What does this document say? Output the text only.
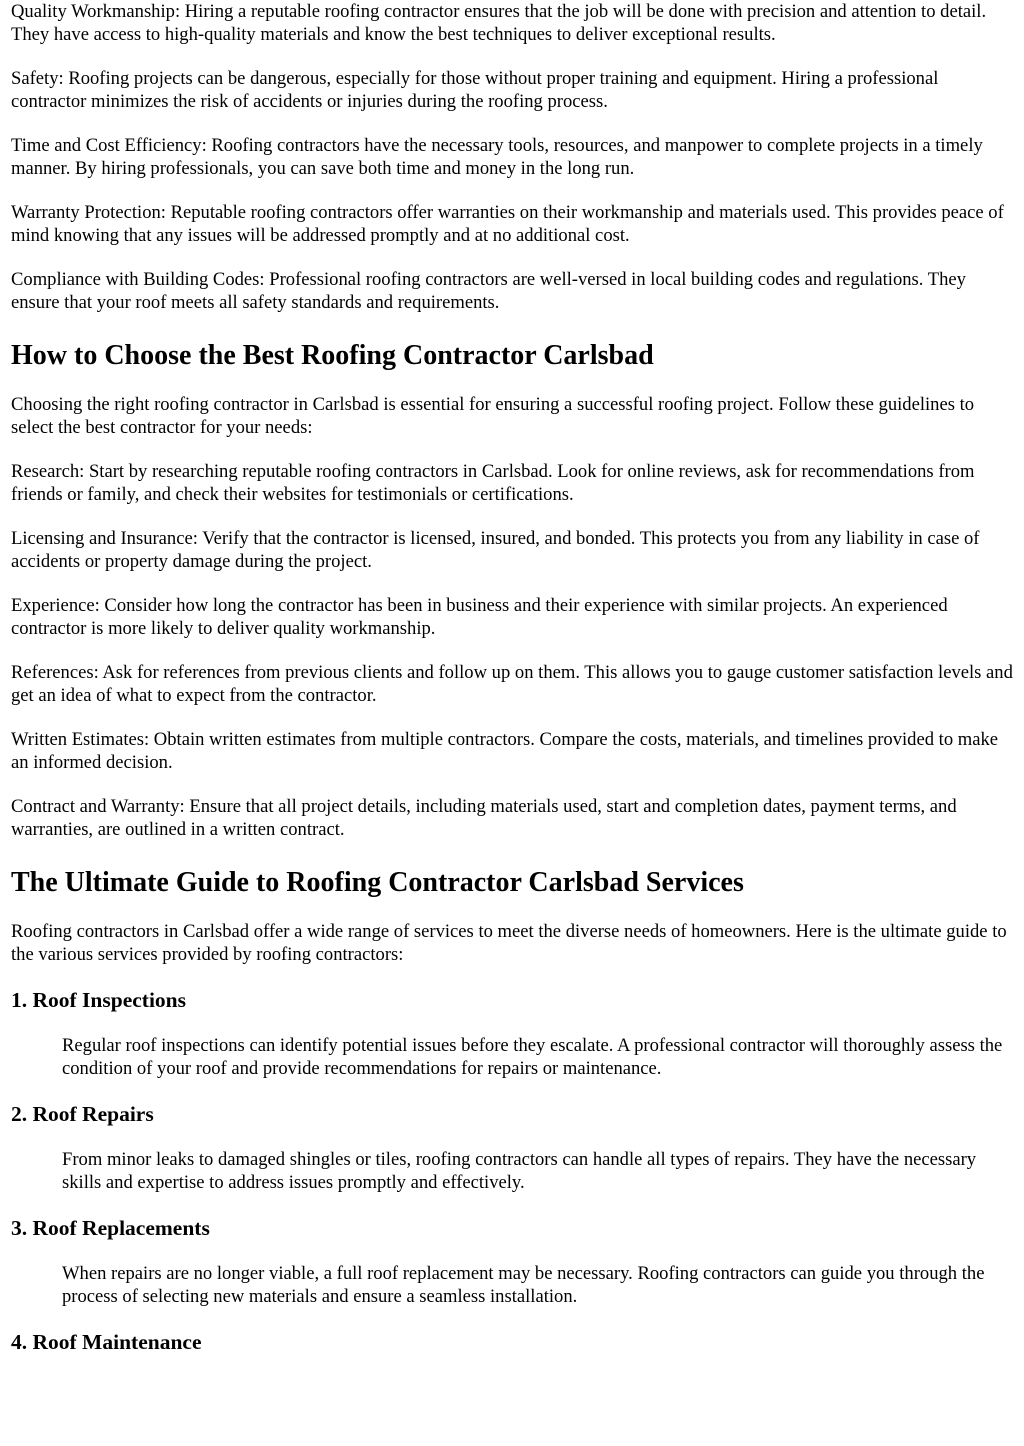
Quality Workmanship: Hiring a reputable roofing contractor ensures that the job will be done with precision and attention to detail. They have access to high-quality materials and know the best techniques to deliver exceptional results.

Safety: Roofing projects can be dangerous, especially for those without proper training and equipment. Hiring a professional contractor minimizes the risk of accidents or injuries during the roofing process.

Time and Cost Efficiency: Roofing contractors have the necessary tools, resources, and manpower to complete projects in a timely manner. By hiring professionals, you can save both time and money in the long run.

Warranty Protection: Reputable roofing contractors offer warranties on their workmanship and materials used. This provides peace of mind knowing that any issues will be addressed promptly and at no additional cost.

Compliance with Building Codes: Professional roofing contractors are well-versed in local building codes and regulations. They ensure that your roof meets all safety standards and requirements.

How to Choose the Best Roofing Contractor Carlsbad

Choosing the right roofing contractor in Carlsbad is essential for ensuring a successful roofing project. Follow these guidelines to select the best contractor for your needs:

Research: Start by researching reputable roofing contractors in Carlsbad. Look for online reviews, ask for recommendations from friends or family, and check their websites for testimonials or certifications.

Licensing and Insurance: Verify that the contractor is licensed, insured, and bonded. This protects you from any liability in case of accidents or property damage during the project.

Experience: Consider how long the contractor has been in business and their experience with similar projects. An experienced contractor is more likely to deliver quality workmanship.

References: Ask for references from previous clients and follow up on them. This allows you to gauge customer satisfaction levels and get an idea of what to expect from the contractor.

Written Estimates: Obtain written estimates from multiple contractors. Compare the costs, materials, and timelines provided to make an informed decision.

Contract and Warranty: Ensure that all project details, including materials used, start and completion dates, payment terms, and warranties, are outlined in a written contract.

The Ultimate Guide to Roofing Contractor Carlsbad Services

Roofing contractors in Carlsbad offer a wide range of services to meet the diverse needs of homeowners. Here is the ultimate guide to the various services provided by roofing contractors:

1. Roof Inspections
Regular roof inspections can identify potential issues before they escalate. A professional contractor will thoroughly assess the condition of your roof and provide recommendations for repairs or maintenance.
2. Roof Repairs
From minor leaks to damaged shingles or tiles, roofing contractors can handle all types of repairs. They have the necessary skills and expertise to address issues promptly and effectively.
3. Roof Replacements
When repairs are no longer viable, a full roof replacement may be necessary. Roofing contractors can guide you through the process of selecting new materials and ensure a seamless installation.
4. Roof Maintenance
